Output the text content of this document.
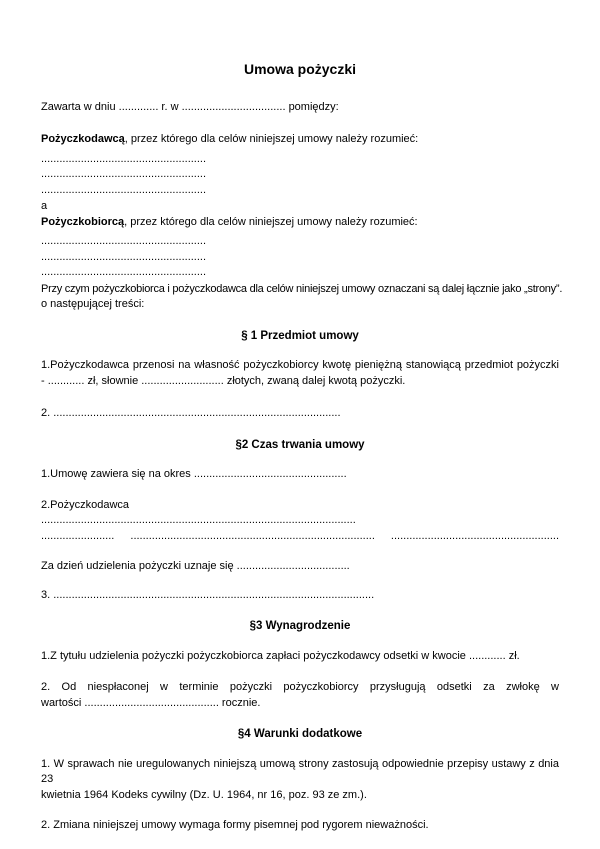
Umowa pożyczki

Zawarta w dniu ............. r. w .................................. pomiędzy:

Pożyczkodawcą, przez którego dla celów niniejszej umowy należy rozumieć:

......................................................

......................................................

......................................................

a

Pożyczkobiorcą, przez którego dla celów niniejszej umowy należy rozumieć:

......................................................

......................................................

......................................................

Przy czym pożyczkobiorca i pożyczkodawca dla celów niniejszej umowy oznaczani są dalej łącznie jako „strony”.

o następującej treści:

§ 1 Przedmiot umowy

1.Pożyczkodawca przenosi na własność pożyczkobiorcy kwotę pieniężną stanowiącą przedmiot pożyczki

- ............ zł, słownie ........................... złotych, zwaną dalej kwotą pożyczki.

2. ..............................................................................................

§2 Czas trwania umowy

1.Umowę zawiera się na okres ..................................................

2.Pożyczkodawca

.......................................................................................................

........................ ................................................................................ .......................................................

Za dzień udzielenia pożyczki uznaje się .....................................

3. .........................................................................................................

§3 Wynagrodzenie

1.Z tytułu udzielenia pożyczki pożyczkobiorca zapłaci pożyczkodawcy odsetki w kwocie ............ zł.

2. Od niespłaconej w terminie pożyczki pożyczkobiorcy przysługują odsetki za zwłokę w

wartości ............................................ rocznie.

§4 Warunki dodatkowe

1. W sprawach nie uregulowanych niniejszą umową strony zastosują odpowiednie przepisy ustawy z dnia 23

kwietnia 1964 Kodeks cywilny (Dz. U. 1964, nr 16, poz. 93 ze zm.).

2. Zmiana niniejszej umowy wymaga formy pisemnej pod rygorem nieważności.
